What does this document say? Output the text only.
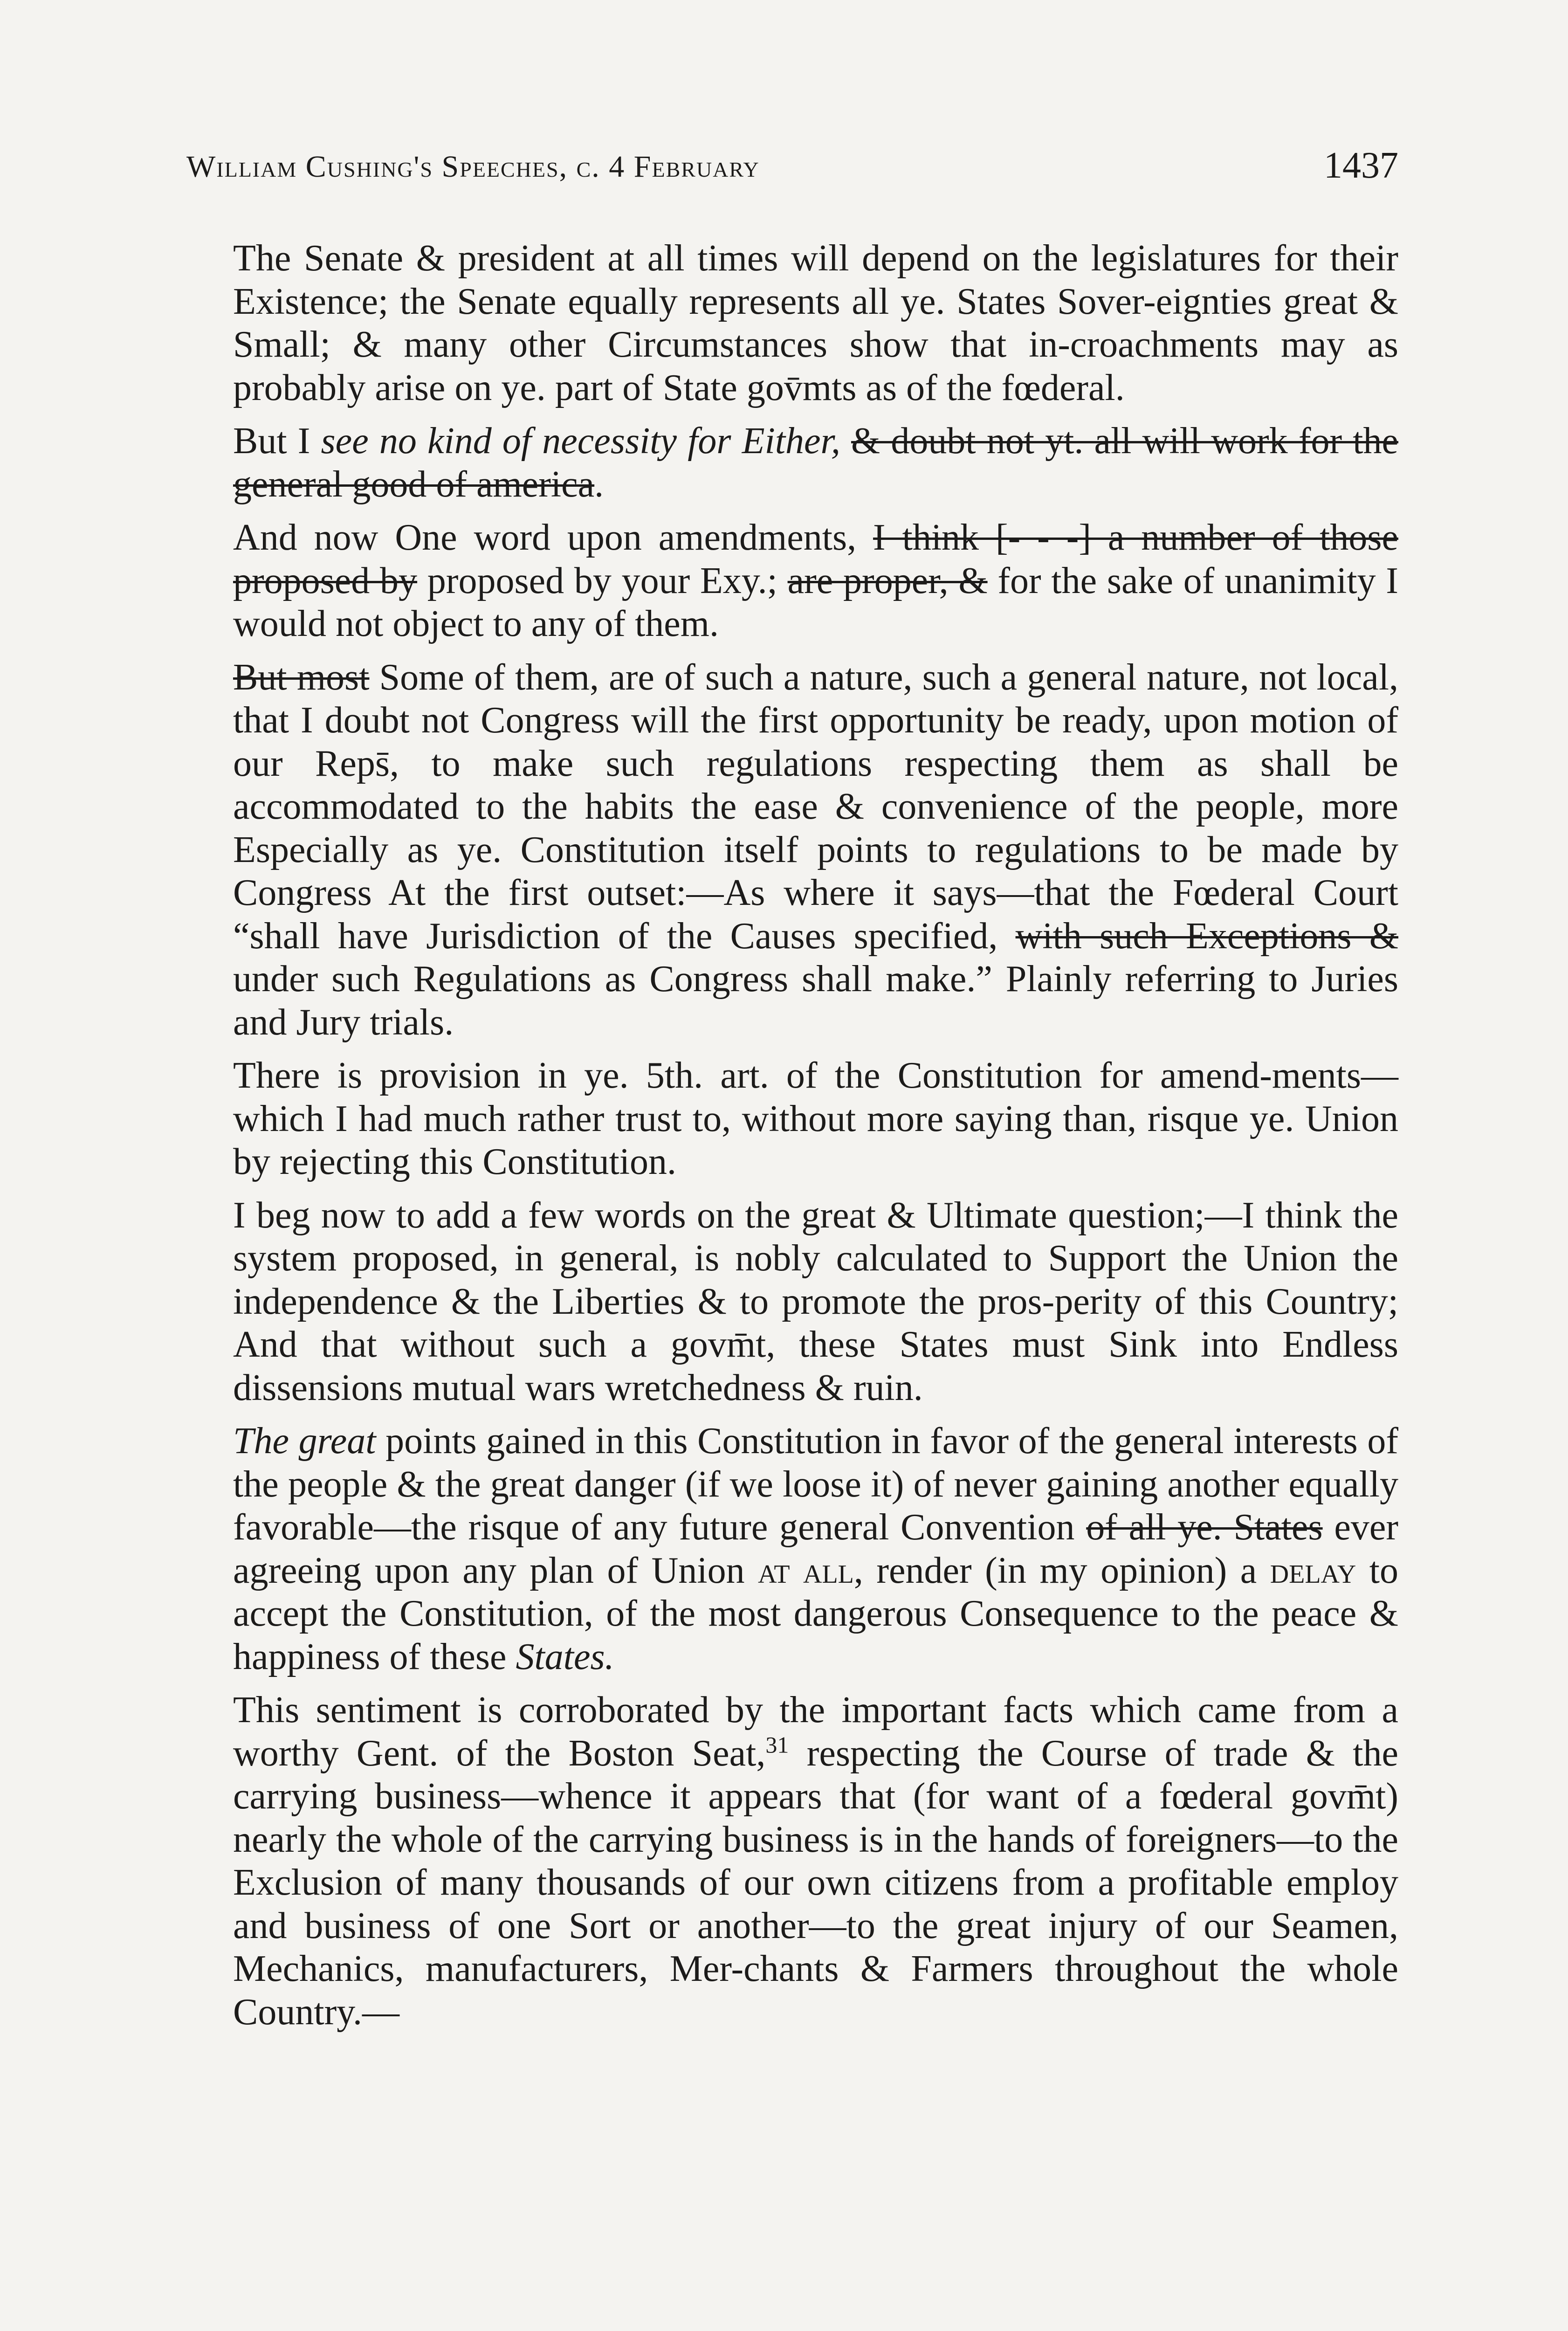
William Cushing's Speeches, c. 4 February	1437

The Senate & president at all times will depend on the legislatures for their Existence; the Senate equally represents all ye. States Sover-eignties great & Small; & many other Circumstances show that in-croachments may as probably arise on ye. part of State gov̄mts as of the fœderal.

But I see no kind of necessity for Either, & doubt not yt. all will work for the general good of america.

And now One word upon amendments, I think [- - -] a number of those proposed by proposed by your Exy.; are proper, & for the sake of unanimity I would not object to any of them.

But most Some of them, are of such a nature, such a general nature, not local, that I doubt not Congress will the first opportunity be ready, upon motion of our Reps̄, to make such regulations respecting them as shall be accommodated to the habits the ease & convenience of the people, more Especially as ye. Constitution itself points to regulations to be made by Congress At the first outset:—As where it says—that the Fœderal Court “shall have Jurisdiction of the Causes specified, with such Exceptions & under such Regulations as Congress shall make.” Plainly referring to Juries and Jury trials.

There is provision in ye. 5th. art. of the Constitution for amend-ments—which I had much rather trust to, without more saying than, risque ye. Union by rejecting this Constitution.

I beg now to add a few words on the great & Ultimate question;—I think the system proposed, in general, is nobly calculated to Support the Union the independence & the Liberties & to promote the pros-perity of this Country; And that without such a govm̄t, these States must Sink into Endless dissensions mutual wars wretchedness & ruin.

The great points gained in this Constitution in favor of the general interests of the people & the great danger (if we loose it) of never gaining another equally favorable—the risque of any future general Convention of all ye. States ever agreeing upon any plan of Union at all, render (in my opinion) a delay to accept the Constitution, of the most dangerous Consequence to the peace & happiness of these States.

This sentiment is corroborated by the important facts which came from a worthy Gent. of the Boston Seat,$^{31}$ respecting the Course of trade & the carrying business—whence it appears that (for want of a fœderal govm̄t) nearly the whole of the carrying business is in the hands of foreigners—to the Exclusion of many thousands of our own citizens from a profitable employ and business of one Sort or another—to the great injury of our Seamen, Mechanics, manufacturers, Mer-chants & Farmers throughout the whole Country.—
